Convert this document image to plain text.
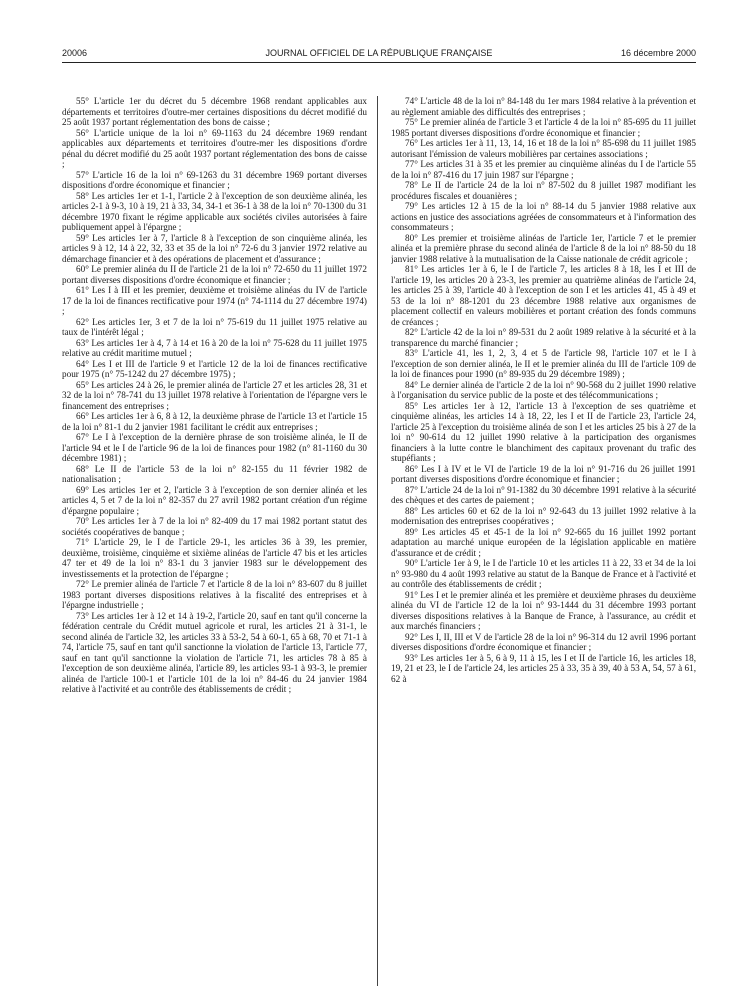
20006	JOURNAL OFFICIEL DE LA RÉPUBLIQUE FRANÇAISE	16 décembre 2000

55° L'article 1er du décret du 5 décembre 1968 rendant applicables aux départements et territoires d'outre-mer certaines dispositions du décret modifié du 25 août 1937 portant réglementation des bons de caisse ;

56° L'article unique de la loi n° 69-1163 du 24 décembre 1969 rendant applicables aux départements et territoires d'outre-mer les dispositions d'ordre pénal du décret modifié du 25 août 1937 portant réglementation des bons de caisse ;

57° L'article 16 de la loi n° 69-1263 du 31 décembre 1969 portant diverses dispositions d'ordre économique et financier ;

58° Les articles 1er et 1-1, l'article 2 à l'exception de son deuxième alinéa, les articles 2-1 à 9-3, 10 à 19, 21 à 33, 34, 34-1 et 36-1 à 38 de la loi n° 70-1300 du 31 décembre 1970 fixant le régime applicable aux sociétés civiles autorisées à faire publiquement appel à l'épargne ;

59° Les articles 1er à 7, l'article 8 à l'exception de son cinquième alinéa, les articles 9 à 12, 14 à 22, 32, 33 et 35 de la loi n° 72-6 du 3 janvier 1972 relative au démarchage financier et à des opérations de placement et d'assurance ;

60° Le premier alinéa du II de l'article 21 de la loi n° 72-650 du 11 juillet 1972 portant diverses dispositions d'ordre économique et financier ;

61° Les I à III et les premier, deuxième et troisième alinéas du IV de l'article 17 de la loi de finances rectificative pour 1974 (n° 74-1114 du 27 décembre 1974) ;

62° Les articles 1er, 3 et 7 de la loi n° 75-619 du 11 juillet 1975 relative au taux de l'intérêt légal ;

63° Les articles 1er à 4, 7 à 14 et 16 à 20 de la loi n° 75-628 du 11 juillet 1975 relative au crédit maritime mutuel ;

64° Les I et III de l'article 9 et l'article 12 de la loi de finances rectificative pour 1975 (n° 75-1242 du 27 décembre 1975) ;

65° Les articles 24 à 26, le premier alinéa de l'article 27 et les articles 28, 31 et 32 de la loi n° 78-741 du 13 juillet 1978 relative à l'orientation de l'épargne vers le financement des entreprises ;

66° Les articles 1er à 6, 8 à 12, la deuxième phrase de l'article 13 et l'article 15 de la loi n° 81-1 du 2 janvier 1981 facilitant le crédit aux entreprises ;

67° Le I à l'exception de la dernière phrase de son troisième alinéa, le II de l'article 94 et le I de l'article 96 de la loi de finances pour 1982 (n° 81-1160 du 30 décembre 1981) ;

68° Le II de l'article 53 de la loi n° 82-155 du 11 février 1982 de nationalisation ;

69° Les articles 1er et 2, l'article 3 à l'exception de son dernier alinéa et les articles 4, 5 et 7 de la loi n° 82-357 du 27 avril 1982 portant création d'un régime d'épargne populaire ;

70° Les articles 1er à 7 de la loi n° 82-409 du 17 mai 1982 portant statut des sociétés coopératives de banque ;

71° L'article 29, le I de l'article 29-1, les articles 36 à 39, les premier, deuxième, troisième, cinquième et sixième alinéas de l'article 47 bis et les articles 47 ter et 49 de la loi n° 83-1 du 3 janvier 1983 sur le développement des investissements et la protection de l'épargne ;

72° Le premier alinéa de l'article 7 et l'article 8 de la loi n° 83-607 du 8 juillet 1983 portant diverses dispositions relatives à la fiscalité des entreprises et à l'épargne industrielle ;

73° Les articles 1er à 12 et 14 à 19-2, l'article 20, sauf en tant qu'il concerne la fédération centrale du Crédit mutuel agricole et rural, les articles 21 à 31-1, le second alinéa de l'article 32, les articles 33 à 53-2, 54 à 60-1, 65 à 68, 70 et 71-1 à 74, l'article 75, sauf en tant qu'il sanctionne la violation de l'article 13, l'article 77, sauf en tant qu'il sanctionne la violation de l'article 71, les articles 78 à 85 à l'exception de son deuxième alinéa, l'article 89, les articles 93-1 à 93-3, le premier alinéa de l'article 100-1 et l'article 101 de la loi n° 84-46 du 24 janvier 1984 relative à l'activité et au contrôle des établissements de crédit ;

74° L'article 48 de la loi n° 84-148 du 1er mars 1984 relative à la prévention et au règlement amiable des difficultés des entreprises ;

75° Le premier alinéa de l'article 3 et l'article 4 de la loi n° 85-695 du 11 juillet 1985 portant diverses dispositions d'ordre économique et financier ;

76° Les articles 1er à 11, 13, 14, 16 et 18 de la loi n° 85-698 du 11 juillet 1985 autorisant l'émission de valeurs mobilières par certaines associations ;

77° Les articles 31 à 35 et les premier au cinquième alinéas du I de l'article 55 de la loi n° 87-416 du 17 juin 1987 sur l'épargne ;

78° Le II de l'article 24 de la loi n° 87-502 du 8 juillet 1987 modifiant les procédures fiscales et douanières ;

79° Les articles 12 à 15 de la loi n° 88-14 du 5 janvier 1988 relative aux actions en justice des associations agréées de consommateurs et à l'information des consommateurs ;

80° Les premier et troisième alinéas de l'article 1er, l'article 7 et le premier alinéa et la première phrase du second alinéa de l'article 8 de la loi n° 88-50 du 18 janvier 1988 relative à la mutualisation de la Caisse nationale de crédit agricole ;

81° Les articles 1er à 6, le I de l'article 7, les articles 8 à 18, les I et III de l'article 19, les articles 20 à 23-3, les premier au quatrième alinéas de l'article 24, les articles 25 à 39, l'article 40 à l'exception de son I et les articles 41, 45 à 49 et 53 de la loi n° 88-1201 du 23 décembre 1988 relative aux organismes de placement collectif en valeurs mobilières et portant création des fonds communs de créances ;

82° L'article 42 de la loi n° 89-531 du 2 août 1989 relative à la sécurité et à la transparence du marché financier ;

83° L'article 41, les 1, 2, 3, 4 et 5 de l'article 98, l'article 107 et le I à l'exception de son dernier alinéa, le II et le premier alinéa du III de l'article 109 de la loi de finances pour 1990 (n° 89-935 du 29 décembre 1989) ;

84° Le dernier alinéa de l'article 2 de la loi n° 90-568 du 2 juillet 1990 relative à l'organisation du service public de la poste et des télécommunications ;

85° Les articles 1er à 12, l'article 13 à l'exception de ses quatrième et cinquième alinéas, les articles 14 à 18, 22, les I et II de l'article 23, l'article 24, l'article 25 à l'exception du troisième alinéa de son I et les articles 25 bis à 27 de la loi n° 90-614 du 12 juillet 1990 relative à la participation des organismes financiers à la lutte contre le blanchiment des capitaux provenant du trafic des stupéfiants ;

86° Les I à IV et le VI de l'article 19 de la loi n° 91-716 du 26 juillet 1991 portant diverses dispositions d'ordre économique et financier ;

87° L'article 24 de la loi n° 91-1382 du 30 décembre 1991 relative à la sécurité des chèques et des cartes de paiement ;

88° Les articles 60 et 62 de la loi n° 92-643 du 13 juillet 1992 relative à la modernisation des entreprises coopératives ;

89° Les articles 45 et 45-1 de la loi n° 92-665 du 16 juillet 1992 portant adaptation au marché unique européen de la législation applicable en matière d'assurance et de crédit ;

90° L'article 1er à 9, le I de l'article 10 et les articles 11 à 22, 33 et 34 de la loi n° 93-980 du 4 août 1993 relative au statut de la Banque de France et à l'activité et au contrôle des établissements de crédit ;

91° Les I et le premier alinéa et les première et deuxième phrases du deuxième alinéa du VI de l'article 12 de la loi n° 93-1444 du 31 décembre 1993 portant diverses dispositions relatives à la Banque de France, à l'assurance, au crédit et aux marchés financiers ;

92° Les I, II, III et V de l'article 28 de la loi n° 96-314 du 12 avril 1996 portant diverses dispositions d'ordre économique et financier ;

93° Les articles 1er à 5, 6 à 9, 11 à 15, les I et II de l'article 16, les articles 18, 19, 21 et 23, le I de l'article 24, les articles 25 à 33, 35 à 39, 40 à 53 A, 54, 57 à 61, 62 à
